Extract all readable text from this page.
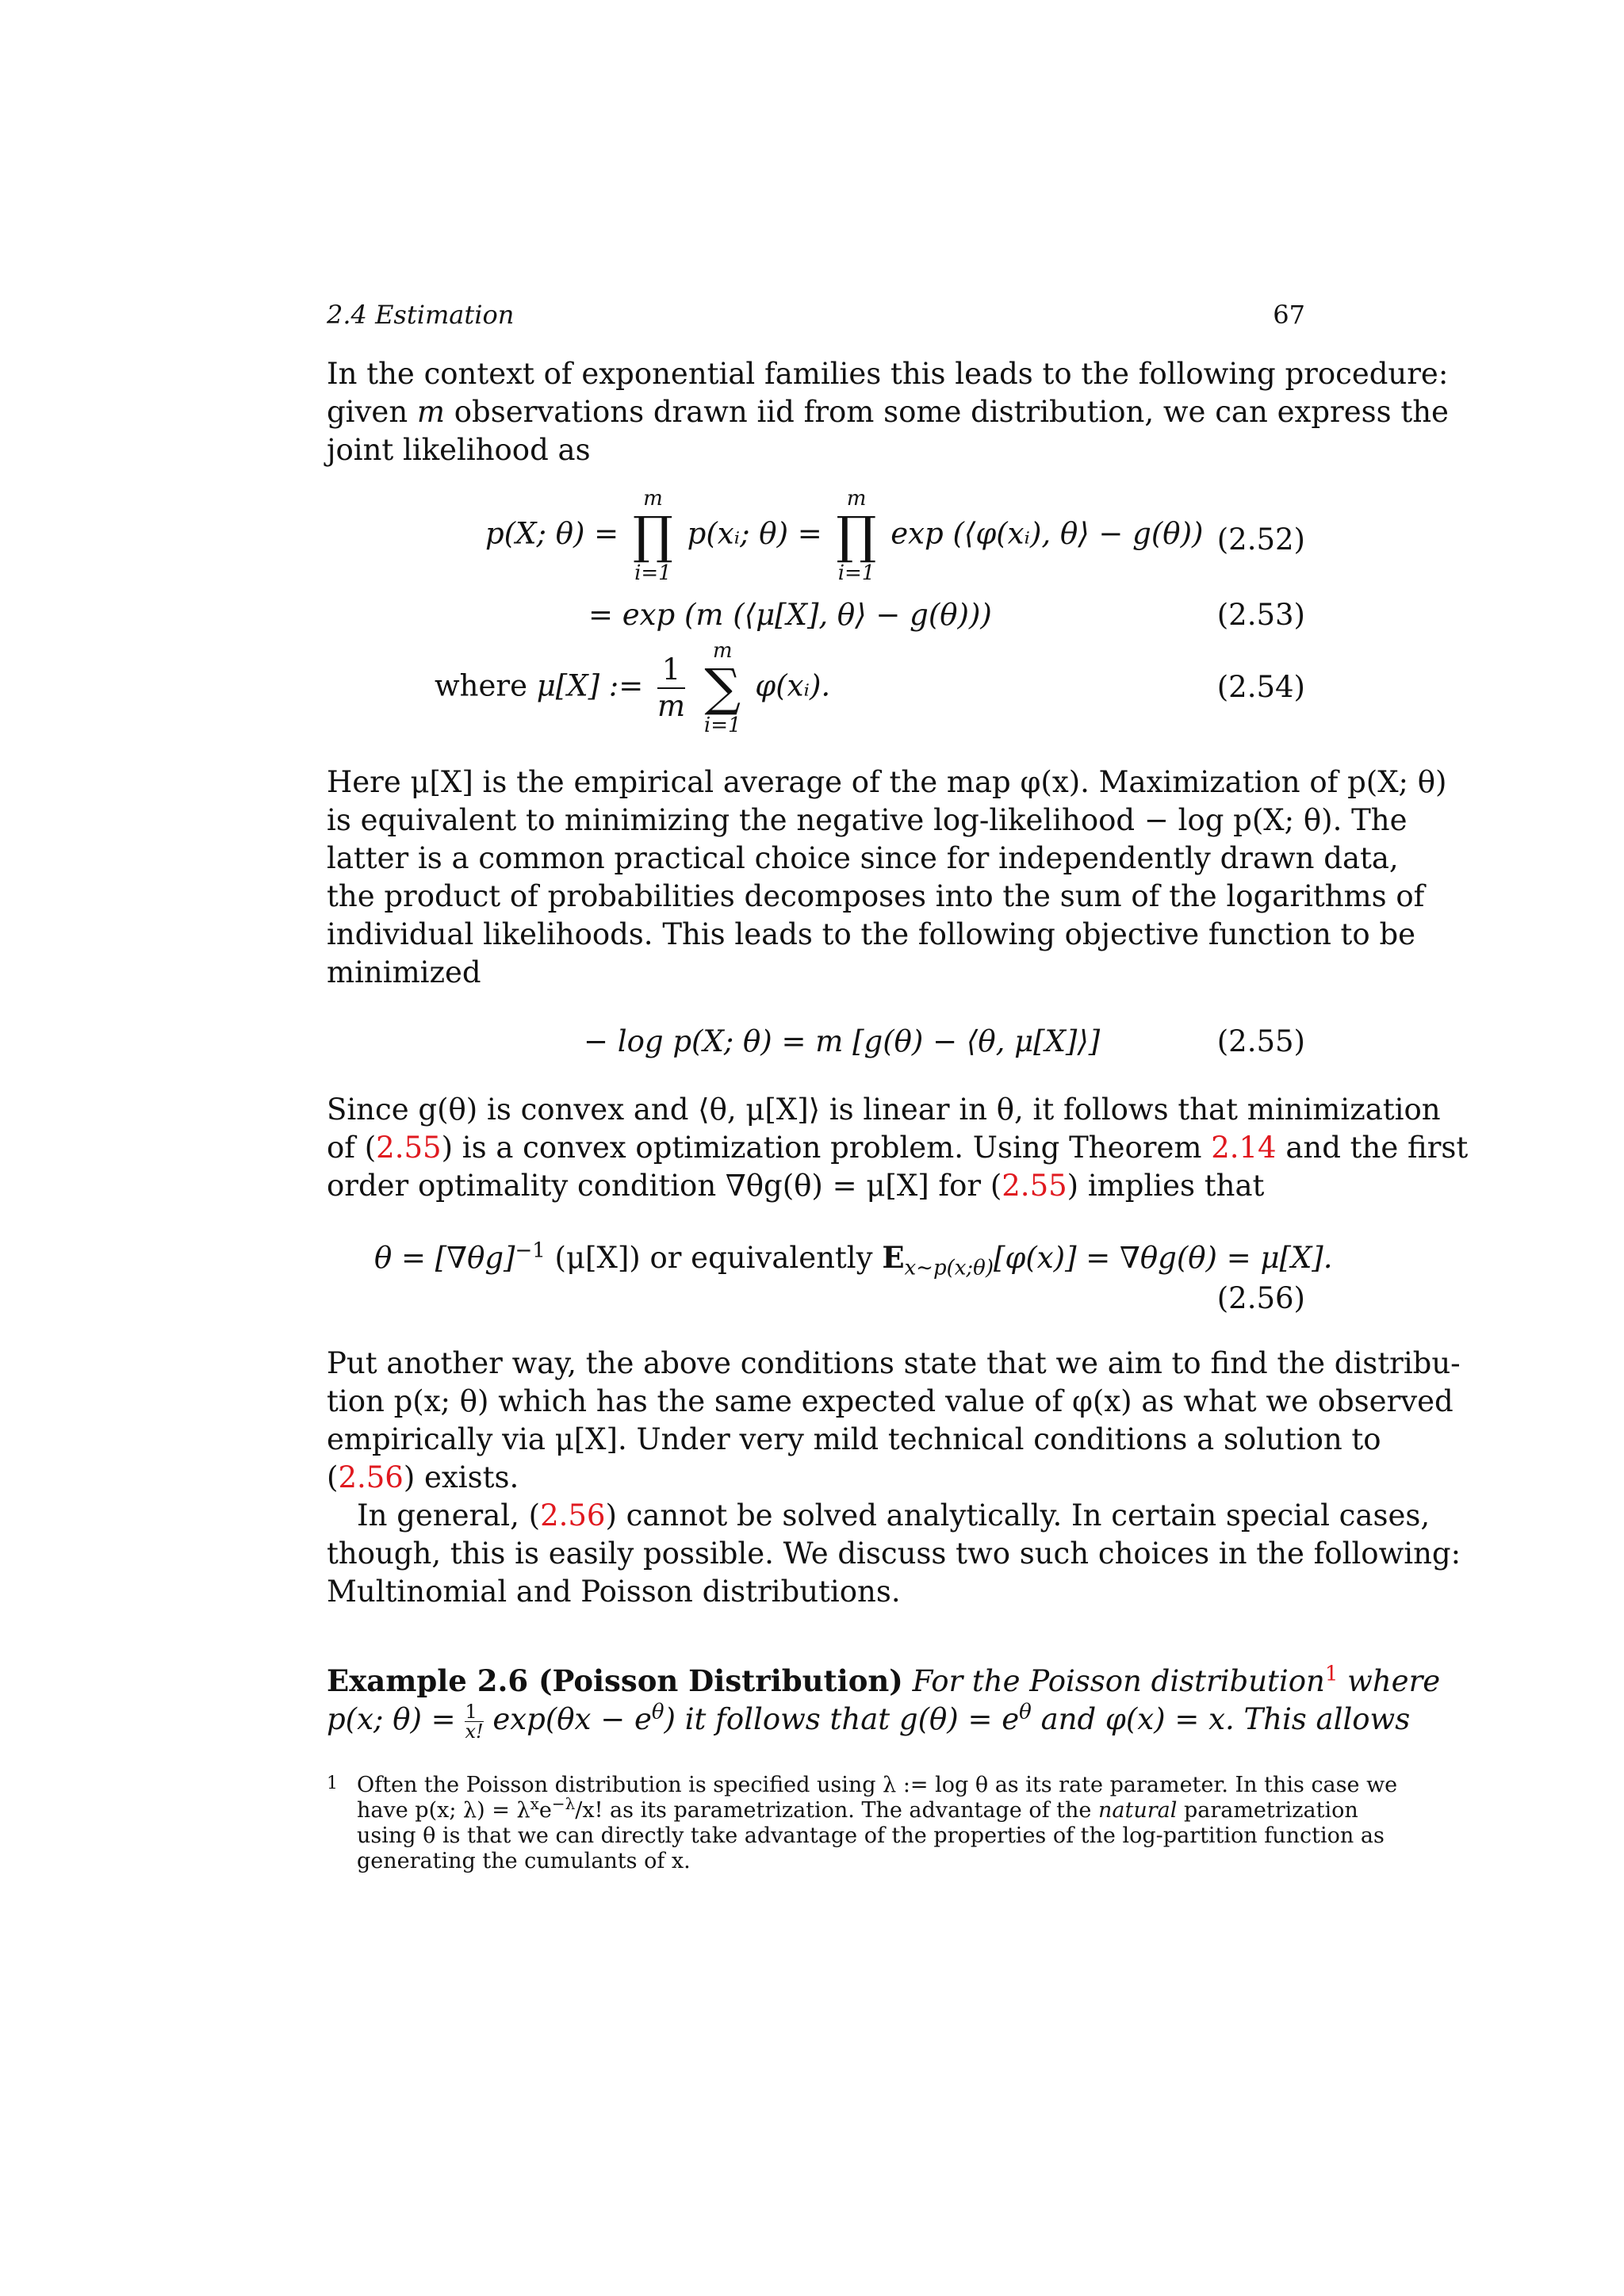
2.4 Estimation	67
In the context of exponential families this leads to the following procedure:
given m observations drawn iid from some distribution, we can express the
joint likelihood as
p(X; θ) =
m
∏
i=1
p(xᵢ; θ) =
m
∏
i=1
exp (⟨φ(xᵢ), θ⟩ − g(θ)) (2.52)
= exp (m (⟨μ[X], θ⟩ − g(θ)))	(2.53)
where μ[X] := $\frac{1}{m}$

m
∑
i=1
φ(xᵢ).	(2.54)
Here μ[X] is the empirical average of the map φ(x). Maximization of p(X; θ)
is equivalent to minimizing the negative log-likelihood − log p(X; θ). The
latter is a common practical choice since for independently drawn data,
the product of probabilities decomposes into the sum of the logarithms of
individual likelihoods. This leads to the following objective function to be
minimized
− log p(X; θ) = m [g(θ) − ⟨θ, μ[X]⟩]	(2.55)
Since g(θ) is convex and ⟨θ, μ[X]⟩ is linear in θ, it follows that minimization
of (2.55) is a convex optimization problem. Using Theorem 2.14 and the first
order optimality condition ∇θg(θ) = μ[X] for (2.55) implies that
$\theta = [\nabla\theta g]^{-1}$ (μ[X]) or equivalently $E_{x\sim p(x;\theta)}[\varphi(x)] = \nabla\theta g(\theta) = \mu[X]$.
(2.56)
Put another way, the above conditions state that we aim to find the distribu-
tion p(x; θ) which has the same expected value of φ(x) as what we observed
empirically via μ[X]. Under very mild technical conditions a solution to
(2.56) exists.
In general, (2.56) cannot be solved analytically. In certain special cases,
though, this is easily possible. We discuss two such choices in the following:
Multinomial and Poisson distributions.
Example 2.6 (Poisson Distribution) For the Poisson distribution$^1$ where
p(x; $\theta) = \frac{1}{x!} \exp(\theta x - e^\theta)$ it follows that $g(\theta) = e^\theta$ and φ(x) = x. This allows
1 Often the Poisson distribution is specified using λ := log θ as its rate parameter. In this case we
have p(x; $\lambda) = \lambda^xe^{-\lambda}/x$! as its parametrization. The advantage of the natural parametrization
using θ is that we can directly take advantage of the properties of the log-partition function as
generating the cumulants of x.
